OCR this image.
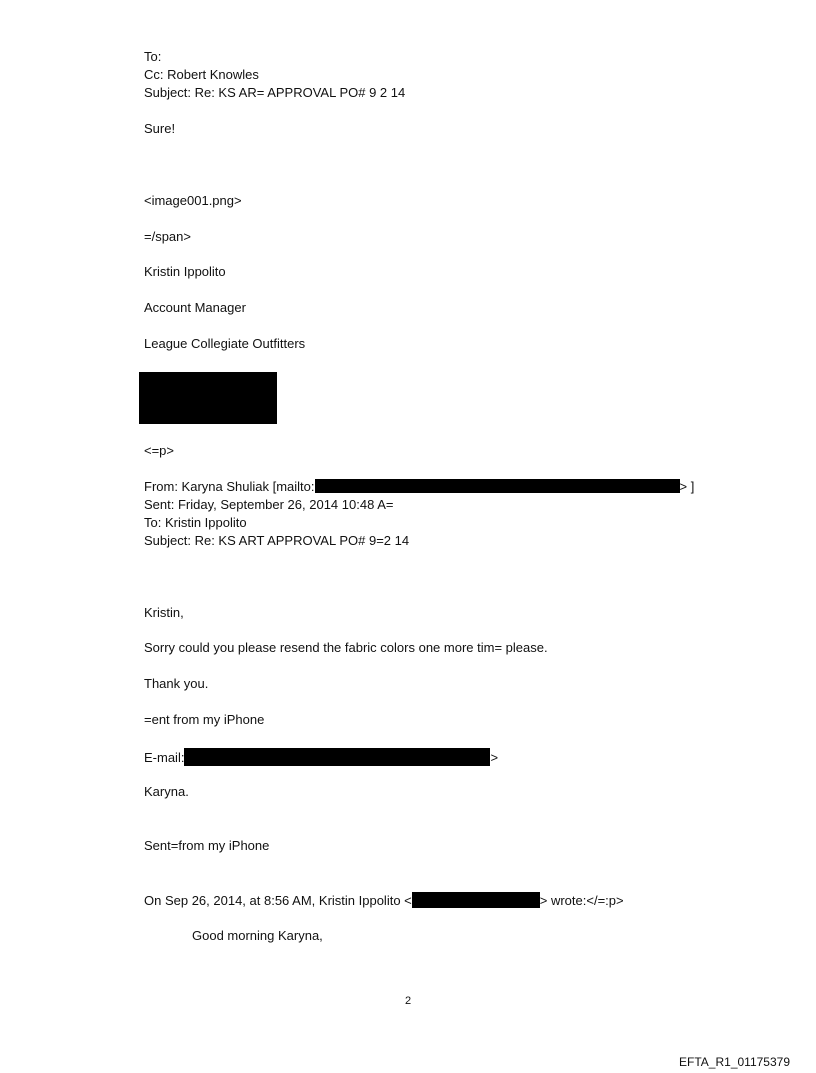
To:
Cc: Robert Knowles
Subject: Re: KS AR= APPROVAL PO# 9 2 14
Sure!
<image001.png>
=/span>
Kristin Ippolito
Account Manager
League Collegiate Outfitters
<=p>
From: Karyna Shuliak [mailto:	> ]
Sent: Friday, September 26, 2014 10:48 A=
To: Kristin Ippolito
Subject: Re: KS ART APPROVAL PO# 9=2 14
Kristin,
Sorry could you please resend the fabric colors one more tim= please.
Thank you.
=ent from my iPhone
E-mail:	>
Karyna.
Sent=from my iPhone
On Sep 26, 2014, at 8:56 AM, Kristin Ippolito <	> wrote:</=:p>
Good morning Karyna,
2
EFTA_R1_01175379
